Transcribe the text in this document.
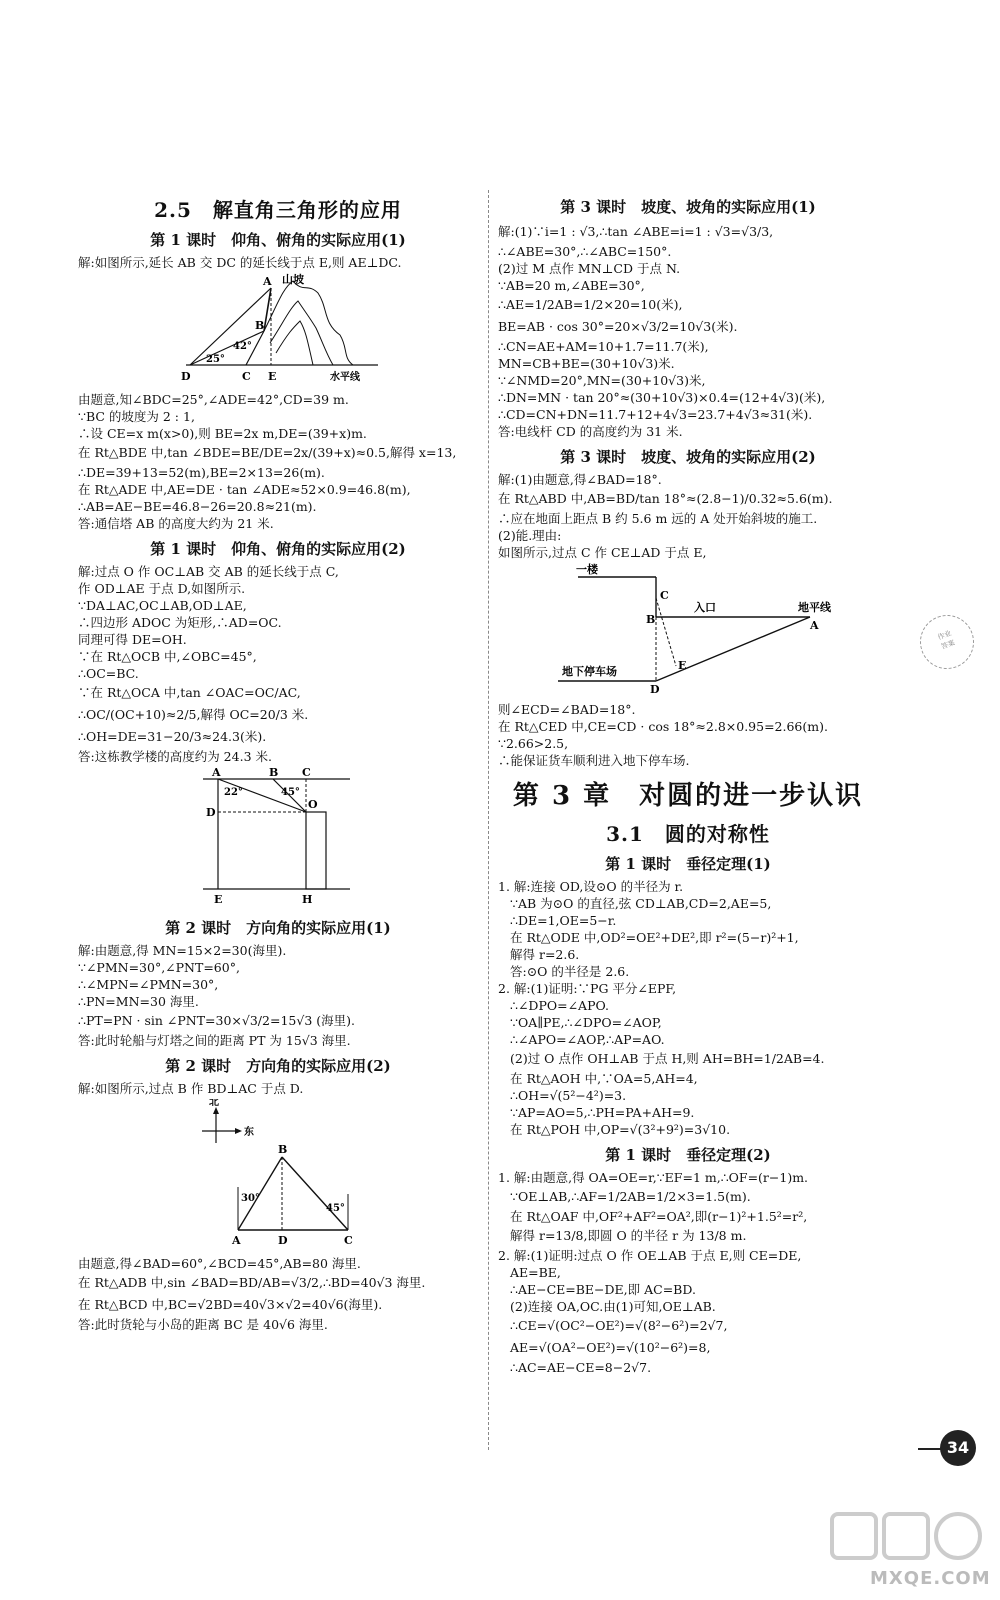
2.5　解直角三角形的应用
第 1 课时　仰角、俯角的实际应用(1)

解:如图所示,延长 AB 交 DC 的延长线于点 E,则 AE⊥DC.

D	C E
A
B
山坡
水平线
25°
42°

由题意,知∠BDC=25°,∠ADE=42°,CD=39 m.

∵BC 的坡度为 2 : 1,

∴设 CE=x m(x>0),则 BE=2x m,DE=(39+x)m.

在 Rt△BDE 中,tan ∠BDE=BE/DE=2x/(39+x)≈0.5,解得 x=13,

∴DE=39+13=52(m),BE=2×13=26(m).

在 Rt△ADE 中,AE=DE · tan ∠ADE≈52×0.9=46.8(m),

∴AB=AE−BE=46.8−26=20.8≈21(m).

答:通信塔 AB 的高度大约为 21 米.

第 1 课时　仰角、俯角的实际应用(2)

解:过点 O 作 OC⊥AB 交 AB 的延长线于点 C,

作 OD⊥AE 于点 D,如图所示.

∵DA⊥AC,OC⊥AB,OD⊥AE,

∴四边形 ADOC 为矩形,∴AD=OC.

同理可得 DE=OH.

∵在 Rt△OCB 中,∠OBC=45°,

∴OC=BC.

∵在 Rt△OCA 中,tan ∠OAC=OC/AC,

∴OC/(OC+10)≈2/5,解得 OC=20/3 米.

∴OH=DE=31−20/3≈24.3(米).

答:这栋教学楼的高度约为 24.3 米.

A	B C
D
O
E	H
22°	45°
第 2 课时　方向角的实际应用(1)

解:由题意,得 MN=15×2=30(海里).

∵∠PMN=30°,∠PNT=60°,

∴∠MPN=∠PMN=30°,

∴PN=MN=30 海里.

∴PT=PN · sin ∠PNT=30×√3/2=15√3 (海里).

答:此时轮船与灯塔之间的距离 PT 为 15√3 海里.

第 2 课时　方向角的实际应用(2)

解:如图所示,过点 B 作 BD⊥AC 于点 D.

北
东
B
A	D	C
30°
45°

由题意,得∠BAD=60°,∠BCD=45°,AB=80 海里.

在 Rt△ADB 中,sin ∠BAD=BD/AB=√3/2,∴BD=40√3 海里.

在 Rt△BCD 中,BC=√2BD=40√3×√2=40√6(海里).

答:此时货轮与小岛的距离 BC 是 40√6 海里.

第 3 课时　坡度、坡角的实际应用(1)

解:(1)∵i=1 : √3,∴tan ∠ABE=i=1 : √3=√3/3,

∴∠ABE=30°,∴∠ABC=150°.

(2)过 M 点作 MN⊥CD 于点 N.

∵AB=20 m,∠ABE=30°,

∴AE=1/2AB=1/2×20=10(米),

BE=AB · cos 30°=20×√3/2=10√3(米).

∴CN=AE+AM=10+1.7=11.7(米),

MN=CB+BE=(30+10√3)米.

∵∠NMD=20°,MN=(30+10√3)米,

∴DN=MN · tan 20°≈(30+10√3)×0.4=(12+4√3)(米),

∴CD=CN+DN=11.7+12+4√3=23.7+4√3≈31(米).

答:电线杆 CD 的高度约为 31 米.

第 3 课时　坡度、坡角的实际应用(2)

解:(1)由题意,得∠BAD=18°.

在 Rt△ABD 中,AB=BD/tan 18°≈(2.8−1)/0.32≈5.6(m).

∴应在地面上距点 B 约 5.6 m 远的 A 处开始斜坡的施工.

(2)能.理由:

如图所示,过点 C 作 CE⊥AD 于点 E,

一楼
C
B
入口	地平线
A
E
D
地下停车场

则∠ECD=∠BAD=18°.

在 Rt△CED 中,CE=CD · cos 18°≈2.8×0.95=2.66(m).

∵2.66>2.5,

∴能保证货车顺利进入地下停车场.

第 3 章　对圆的进一步认识
3.1　圆的对称性
第 1 课时　垂径定理(1)

1. 解:连接 OD,设⊙O 的半径为 r.

∵AB 为⊙O 的直径,弦 CD⊥AB,CD=2,AE=5,

∴DE=1,OE=5−r.

在 Rt△ODE 中,OD²=OE²+DE²,即 r²=(5−r)²+1,

解得 r=2.6.

答:⊙O 的半径是 2.6.

2. 解:(1)证明:∵PG 平分∠EPF,

∴∠DPO=∠APO.

∵OA∥PE,∴∠DPO=∠AOP,

∴∠APO=∠AOP,∴AP=AO.

(2)过 O 点作 OH⊥AB 于点 H,则 AH=BH=1/2AB=4.

在 Rt△AOH 中,∵OA=5,AH=4,

∴OH=√(5²−4²)=3.

∵AP=AO=5,∴PH=PA+AH=9.

在 Rt△POH 中,OP=√(3²+9²)=3√10.

第 1 课时　垂径定理(2)

1. 解:由题意,得 OA=OE=r,∵EF=1 m,∴OF=(r−1)m.

∵OE⊥AB,∴AF=1/2AB=1/2×3=1.5(m).

在 Rt△OAF 中,OF²+AF²=OA²,即(r−1)²+1.5²=r²,

解得 r=13/8,即圆 O 的半径 r 为 13/8 m.

2. 解:(1)证明:过点 O 作 OE⊥AB 于点 E,则 CE=DE,

AE=BE,

∴AE−CE=BE−DE,即 AC=BD.

(2)连接 OA,OC.由(1)可知,OE⊥AB.

∴CE=√(OC²−OE²)=√(8²−6²)=2√7,

AE=√(OA²−OE²)=√(10²−6²)=8,

∴AC=AE−CE=8−2√7.

作业
答案
34
MXQE.COM
